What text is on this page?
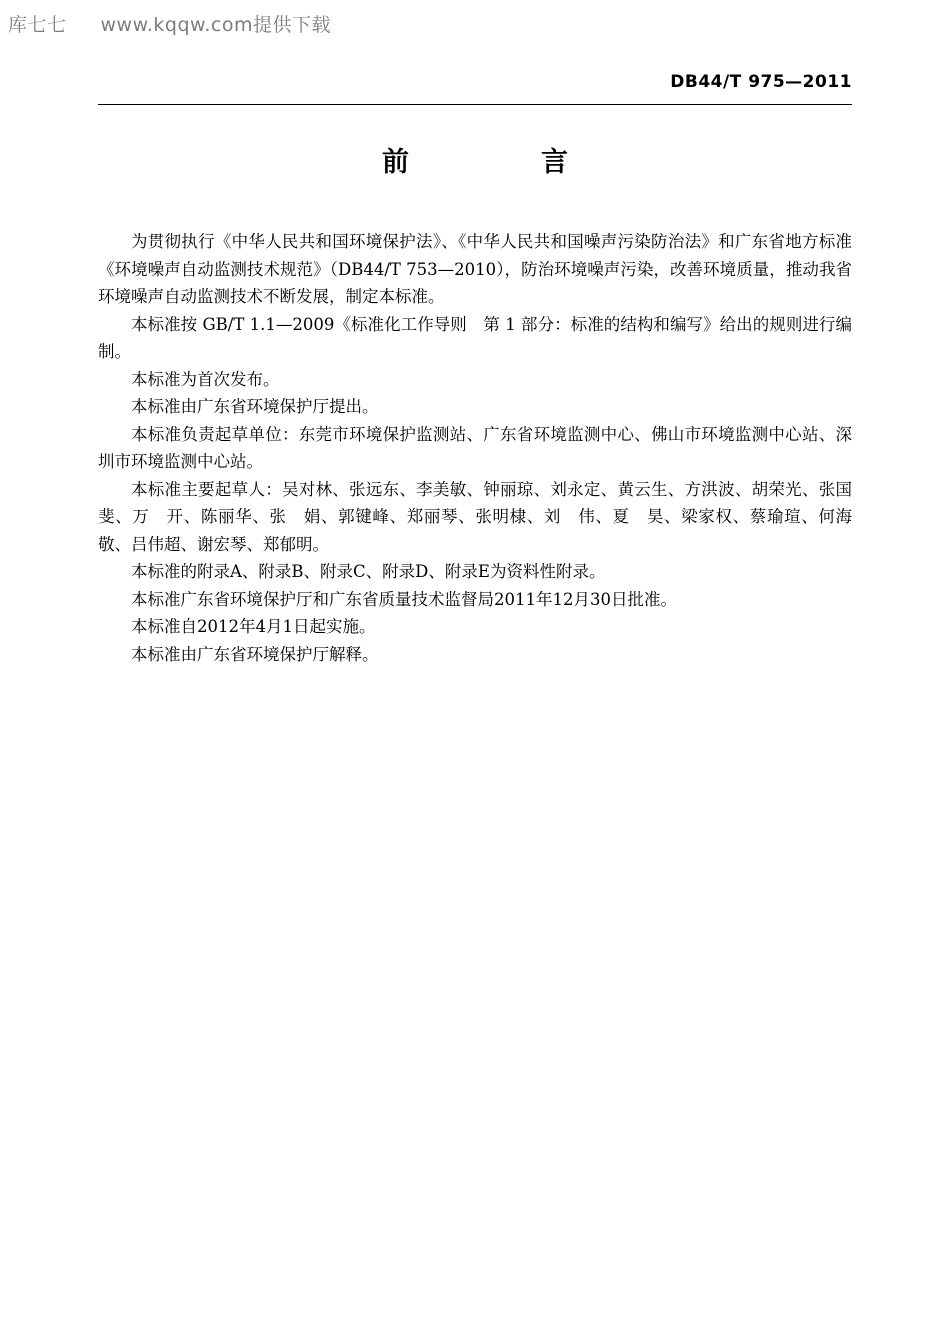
库七七 www.kqqw.com提供下载
DB44/T 975—2011
前　　言

为贯彻执行《中华人民共和国环境保护法》、《中华人民共和国噪声污染防治法》和广东省地方标准《环境噪声自动监测技术规范》（DB44/T 753—2010），防治环境噪声污染，改善环境质量，推动我省环境噪声自动监测技术不断发展，制定本标准。

本标准按 GB/T 1.1—2009《标准化工作导则　第 1 部分：标准的结构和编写》给出的规则进行编制。

本标准为首次发布。

本标准由广东省环境保护厅提出。

本标准负责起草单位：东莞市环境保护监测站、广东省环境监测中心、佛山市环境监测中心站、深圳市环境监测中心站。

本标准主要起草人：吴对林、张远东、李美敏、钟丽琼、刘永定、黄云生、方洪波、胡荣光、张国斐、万　开、陈丽华、张　娟、郭键峰、郑丽琴、张明棣、刘　伟、夏　昊、梁家权、蔡瑜瑄、何海敬、吕伟超、谢宏琴、郑郁明。

本标准的附录A、附录B、附录C、附录D、附录E为资料性附录。

本标准广东省环境保护厅和广东省质量技术监督局2011年12月30日批准。

本标准自2012年4月1日起实施。

本标准由广东省环境保护厅解释。
